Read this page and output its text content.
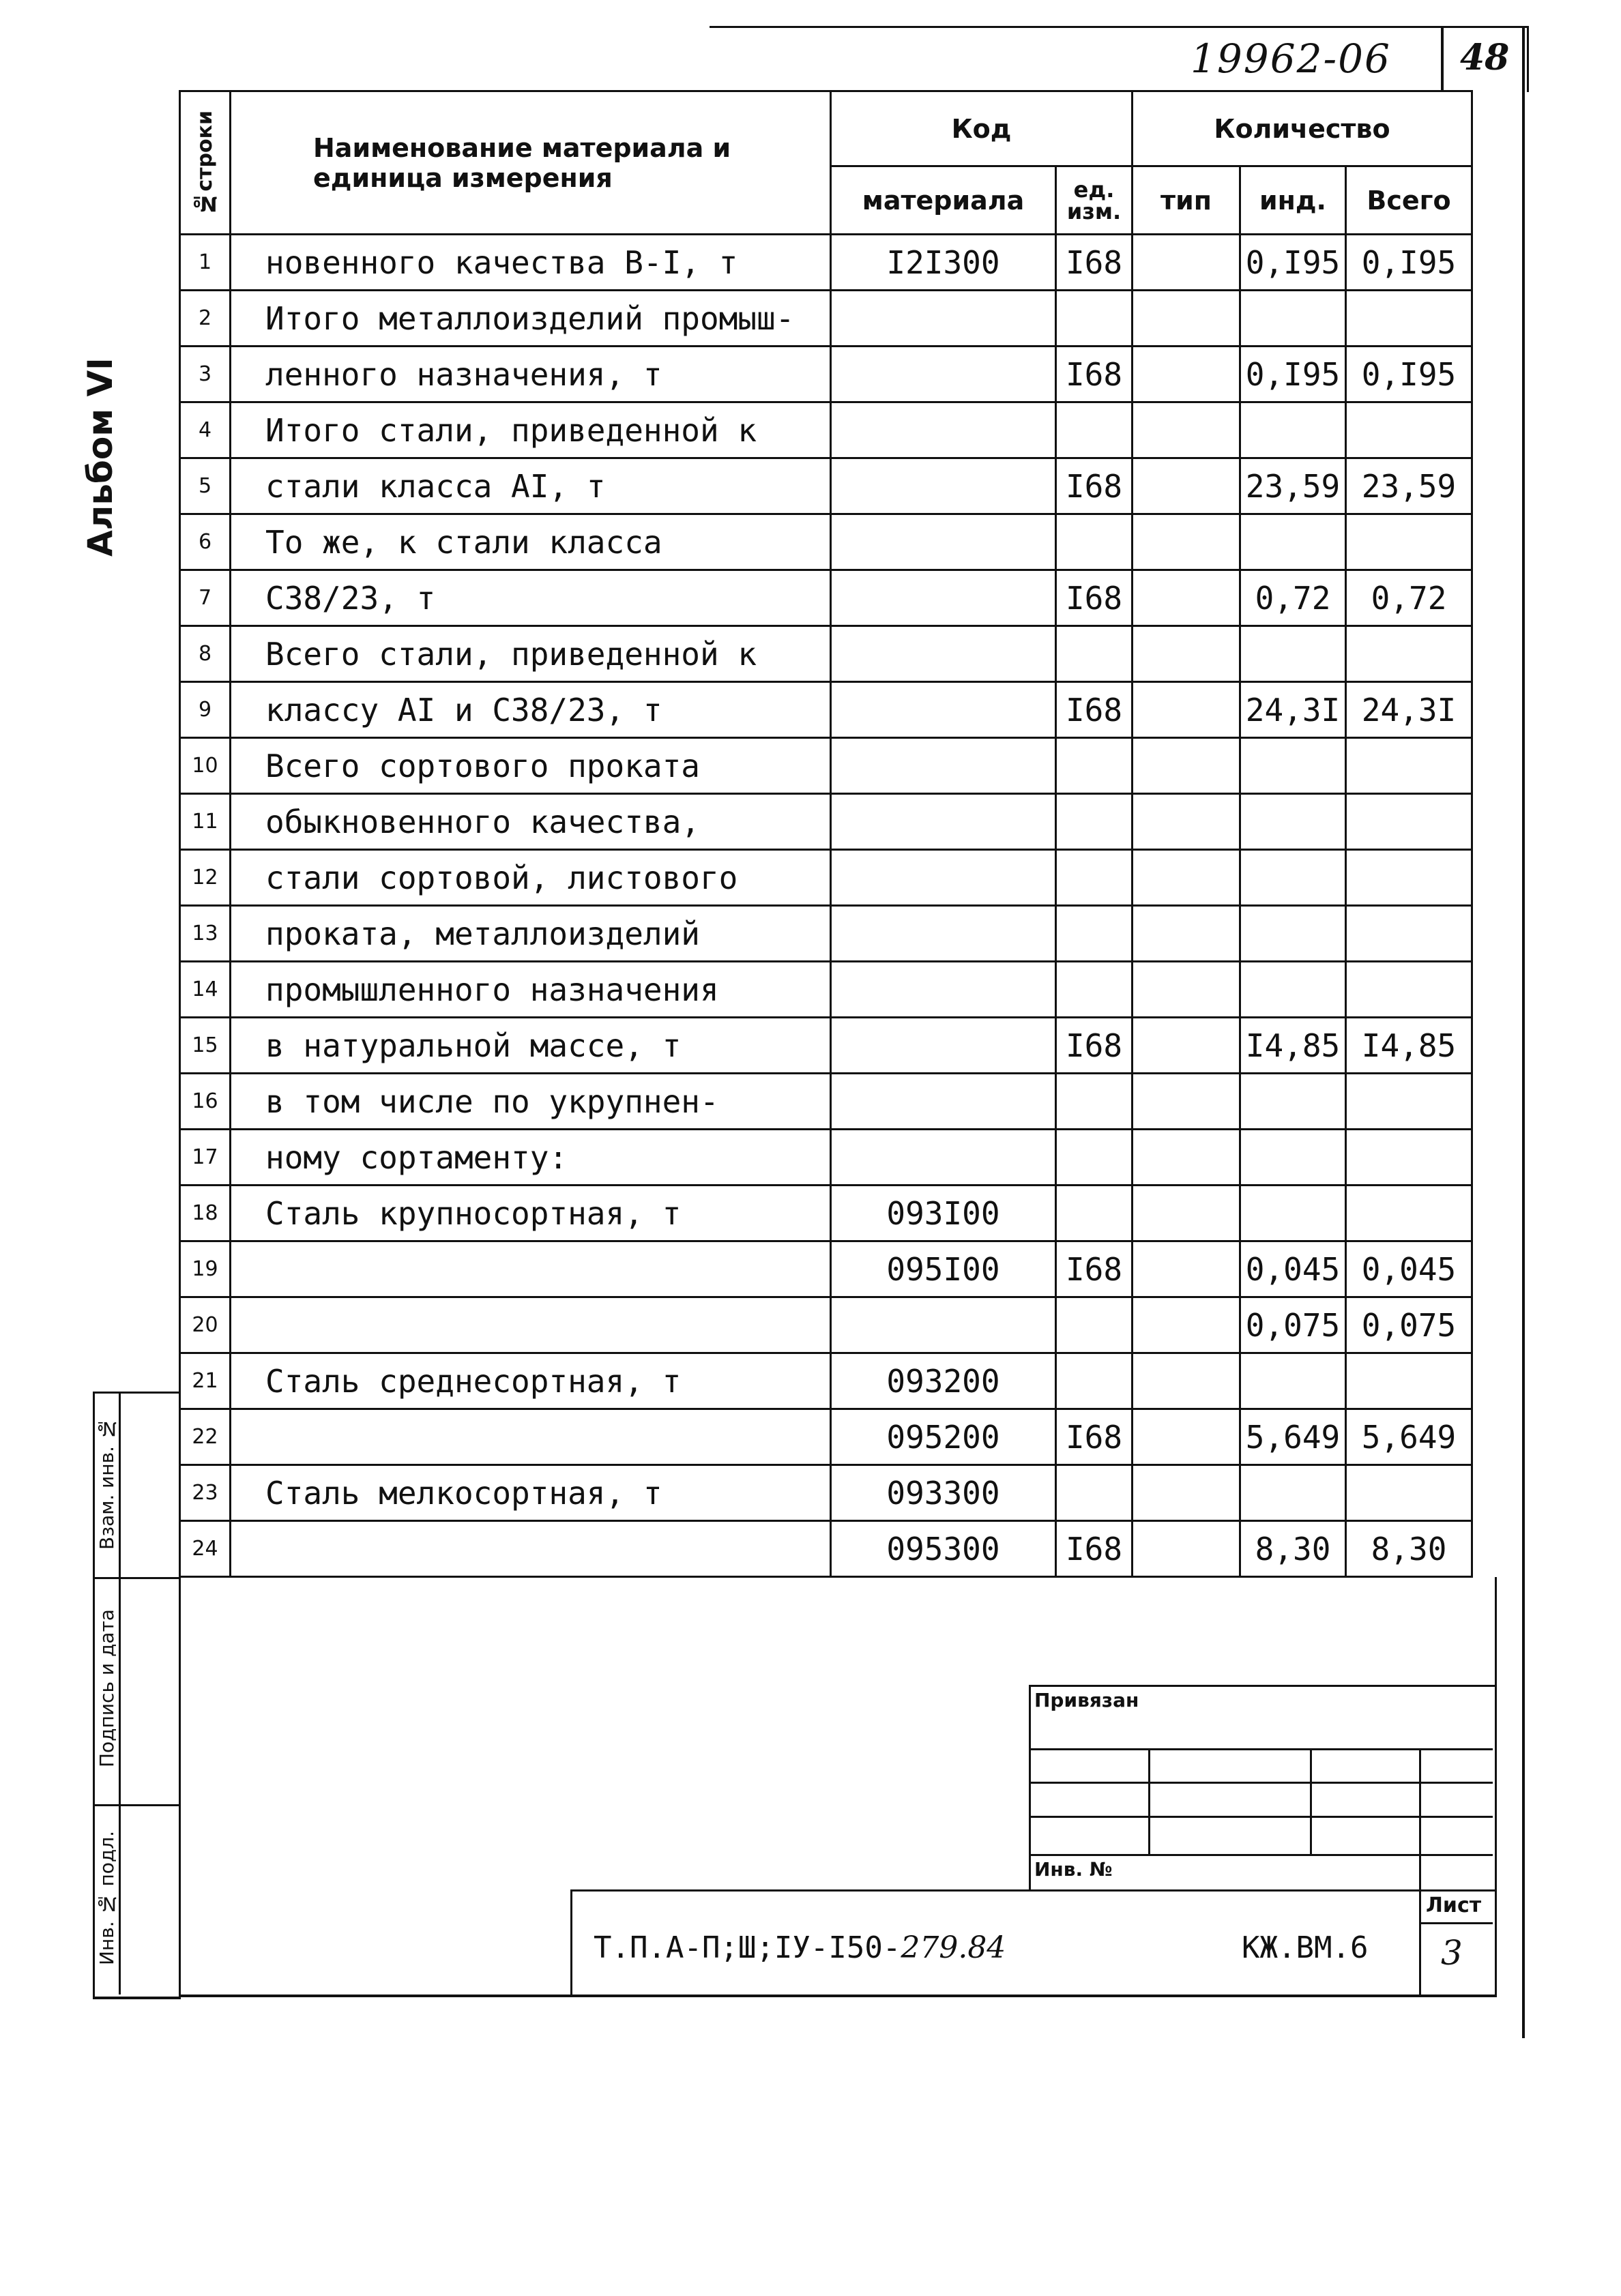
19962-06 48
Альбом VI
№строки	Наименование материала и единица измерения	Код		Количество		
		материала	ед. изм.	тип	инд.	Всего
1	новенного качества В-I, т	I2I300	I68		0,I95	0,I95
2	Итого металлоизделий промыш-					
3	ленного назначения, т		I68		0,I95	0,I95
4	Итого стали, приведенной к					
5	стали класса AI, т		I68		23,59	23,59
6	То же, к стали класса					
7	C38/23, т		I68		0,72	0,72
8	Всего стали, приведенной к					
9	классу AI и C38/23, т		I68		24,3I	24,3I
10	Всего сортового проката					
11	обыкновенного качества,					
12	стали сортовой, листового					
13	проката, металлоизделий					
14	промышленного назначения					
15	в натуральной массе, т		I68		I4,85	I4,85
16	в том числе по укрупнен-					
17	ному сортаменту:					
18	Сталь крупносортная, т	093I00				
19		095I00	I68		0,045	0,045
20					0,075	0,075
21	Сталь среднесортная, т	093200				
22		095200	I68		5,649	5,649
23	Сталь мелкосортная, т	093300				
24		095300	I68		8,30	8,30
Взам. инв. №
Подпись и дата
Инв. № подл.
Привязан
Инв. №
Т.П.А-П;Ш;IУ-I50-279.84	КЖ.ВМ.6
Лист
3
